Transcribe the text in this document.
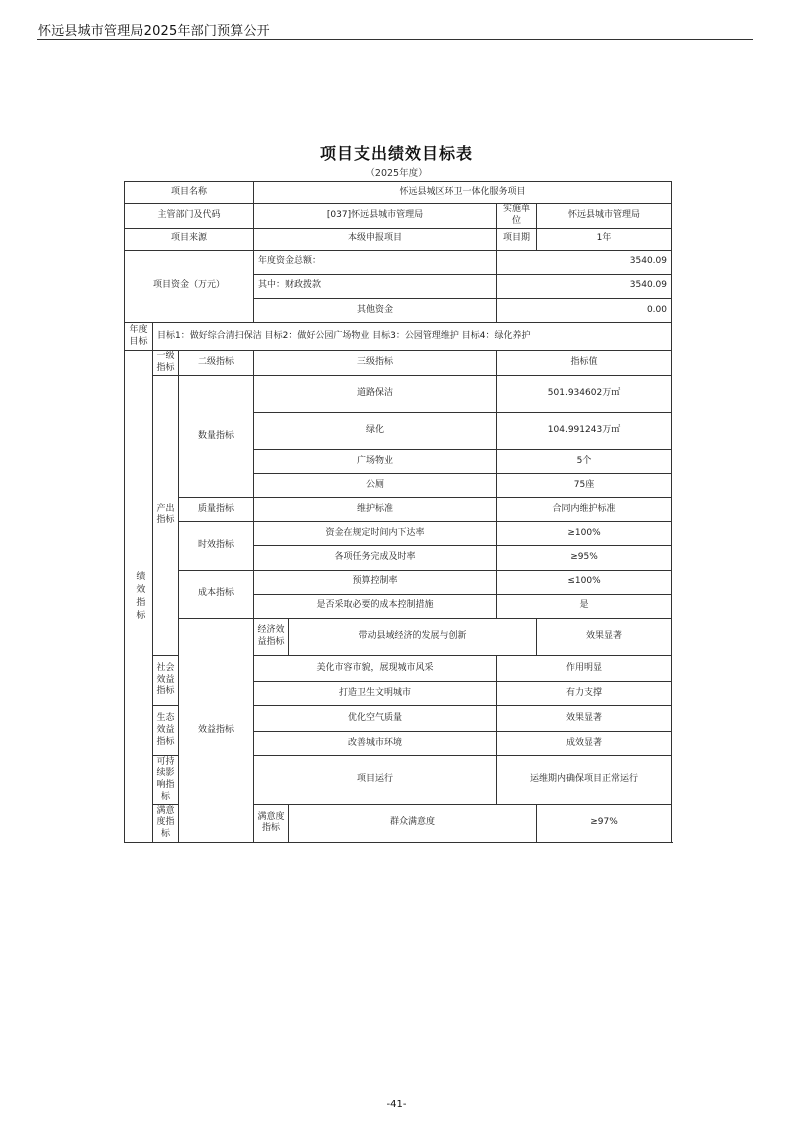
怀远县城市管理局2025年部门预算公开
项目支出绩效目标表
（2025年度）
项目名称			怀远县城区环卫一体化服务项目			
主管部门及代码			[037]怀远县城市管理局		实施单位	怀远县城市管理局
项目来源			本级申报项目		项目期	1年
项目资金（万元）			年度资金总额：		3540.09	
			其中：财政拨款		3540.09	
			其他资金		0.00	
年度目标	目标1：做好综合清扫保洁 目标2：做好公园广场物业 目标3：公园管理维护 目标4：绿化养护					
绩效指标	一级指标	二级指标	三级指标		指标值	
	产出指标	数量指标	道路保洁		501.934602万㎡	
			绿化		104.991243万㎡	
			广场物业		5个	
			公厕		75座	
		质量指标	维护标准		合同内维护标准	
		时效指标	资金在规定时间内下达率		≥100%	
			各项任务完成及时率		≥95%	
		成本指标	预算控制率		≤100%	
			是否采取必要的成本控制措施		是	
		效益指标	经济效益指标	带动县域经济的发展与创新		效果显著
	社会效益指标		美化市容市貌，展现城市风采		作用明显	
			打造卫生文明城市		有力支撑	
	生态效益指标		优化空气质量		效果显著	
			改善城市环境		成效显著	
	可持续影响指标		项目运行		运维期内确保项目正常运行	
	满意度指标		满意度指标	群众满意度		≥97%
-41-
